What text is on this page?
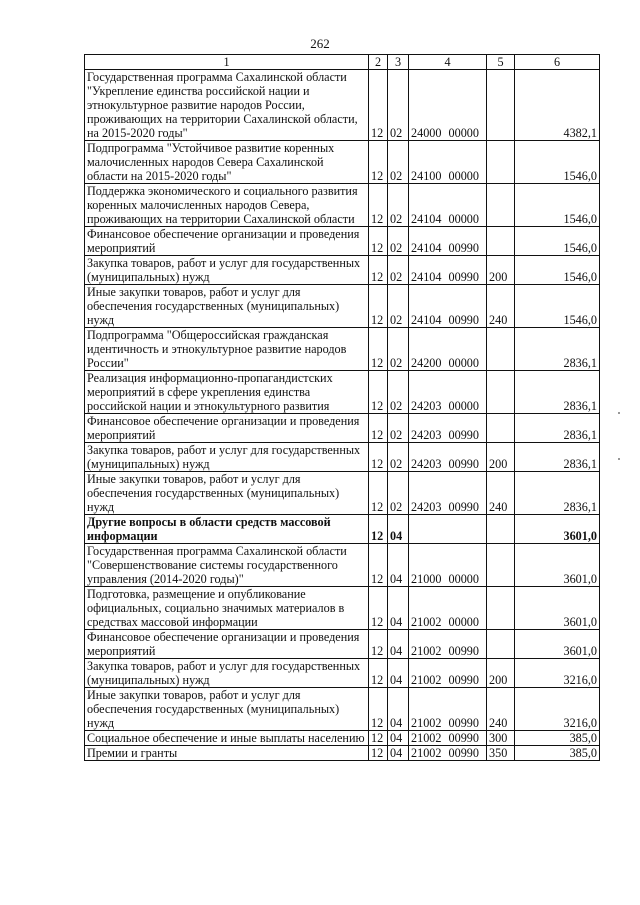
262
1	2	3	4	5	6
Государственная программа Сахалинской области "Укрепление единства российской нации и этнокультурное развитие народов России, проживающих на территории Сахалинской области, на 2015-2020 годы"	12	02	24000 00000		4382,1
Подпрограмма "Устойчивое развитие коренных малочисленных народов Севера Сахалинской области на 2015-2020 годы"	12	02	24100 00000		1546,0
Поддержка экономического и социального развития коренных малочисленных народов Севера, проживающих на территории Сахалинской области	12	02	24104 00000		1546,0
Финансовое обеспечение организации и проведения мероприятий	12	02	24104 00990		1546,0
Закупка товаров, работ и услуг для государственных (муниципальных) нужд	12	02	24104 00990	200	1546,0
Иные закупки товаров, работ и услуг для обеспечения государственных (муниципальных) нужд	12	02	24104 00990	240	1546,0
Подпрограмма "Общероссийская гражданская идентичность и этнокультурное развитие народов России"	12	02	24200 00000		2836,1
Реализация информационно-пропагандистских мероприятий в сфере укрепления единства российской нации и этнокультурного развития	12	02	24203 00000		2836,1
Финансовое обеспечение организации и проведения мероприятий	12	02	24203 00990		2836,1
Закупка товаров, работ и услуг для государственных (муниципальных) нужд	12	02	24203 00990	200	2836,1
Иные закупки товаров, работ и услуг для обеспечения государственных (муниципальных) нужд	12	02	24203 00990	240	2836,1
Другие вопросы в области средств массовой информации	12	04			3601,0
Государственная программа Сахалинской области "Совершенствование системы государственного управления (2014-2020 годы)"	12	04	21000 00000		3601,0
Подготовка, размещение и опубликование официальных, социально значимых материалов в средствах массовой информации	12	04	21002 00000		3601,0
Финансовое обеспечение организации и проведения мероприятий	12	04	21002 00990		3601,0
Закупка товаров, работ и услуг для государственных (муниципальных) нужд	12	04	21002 00990	200	3216,0
Иные закупки товаров, работ и услуг для обеспечения государственных (муниципальных) нужд	12	04	21002 00990	240	3216,0
Социальное обеспечение и иные выплаты населению	12	04	21002 00990	300	385,0
Премии и гранты	12	04	21002 00990	350	385,0
